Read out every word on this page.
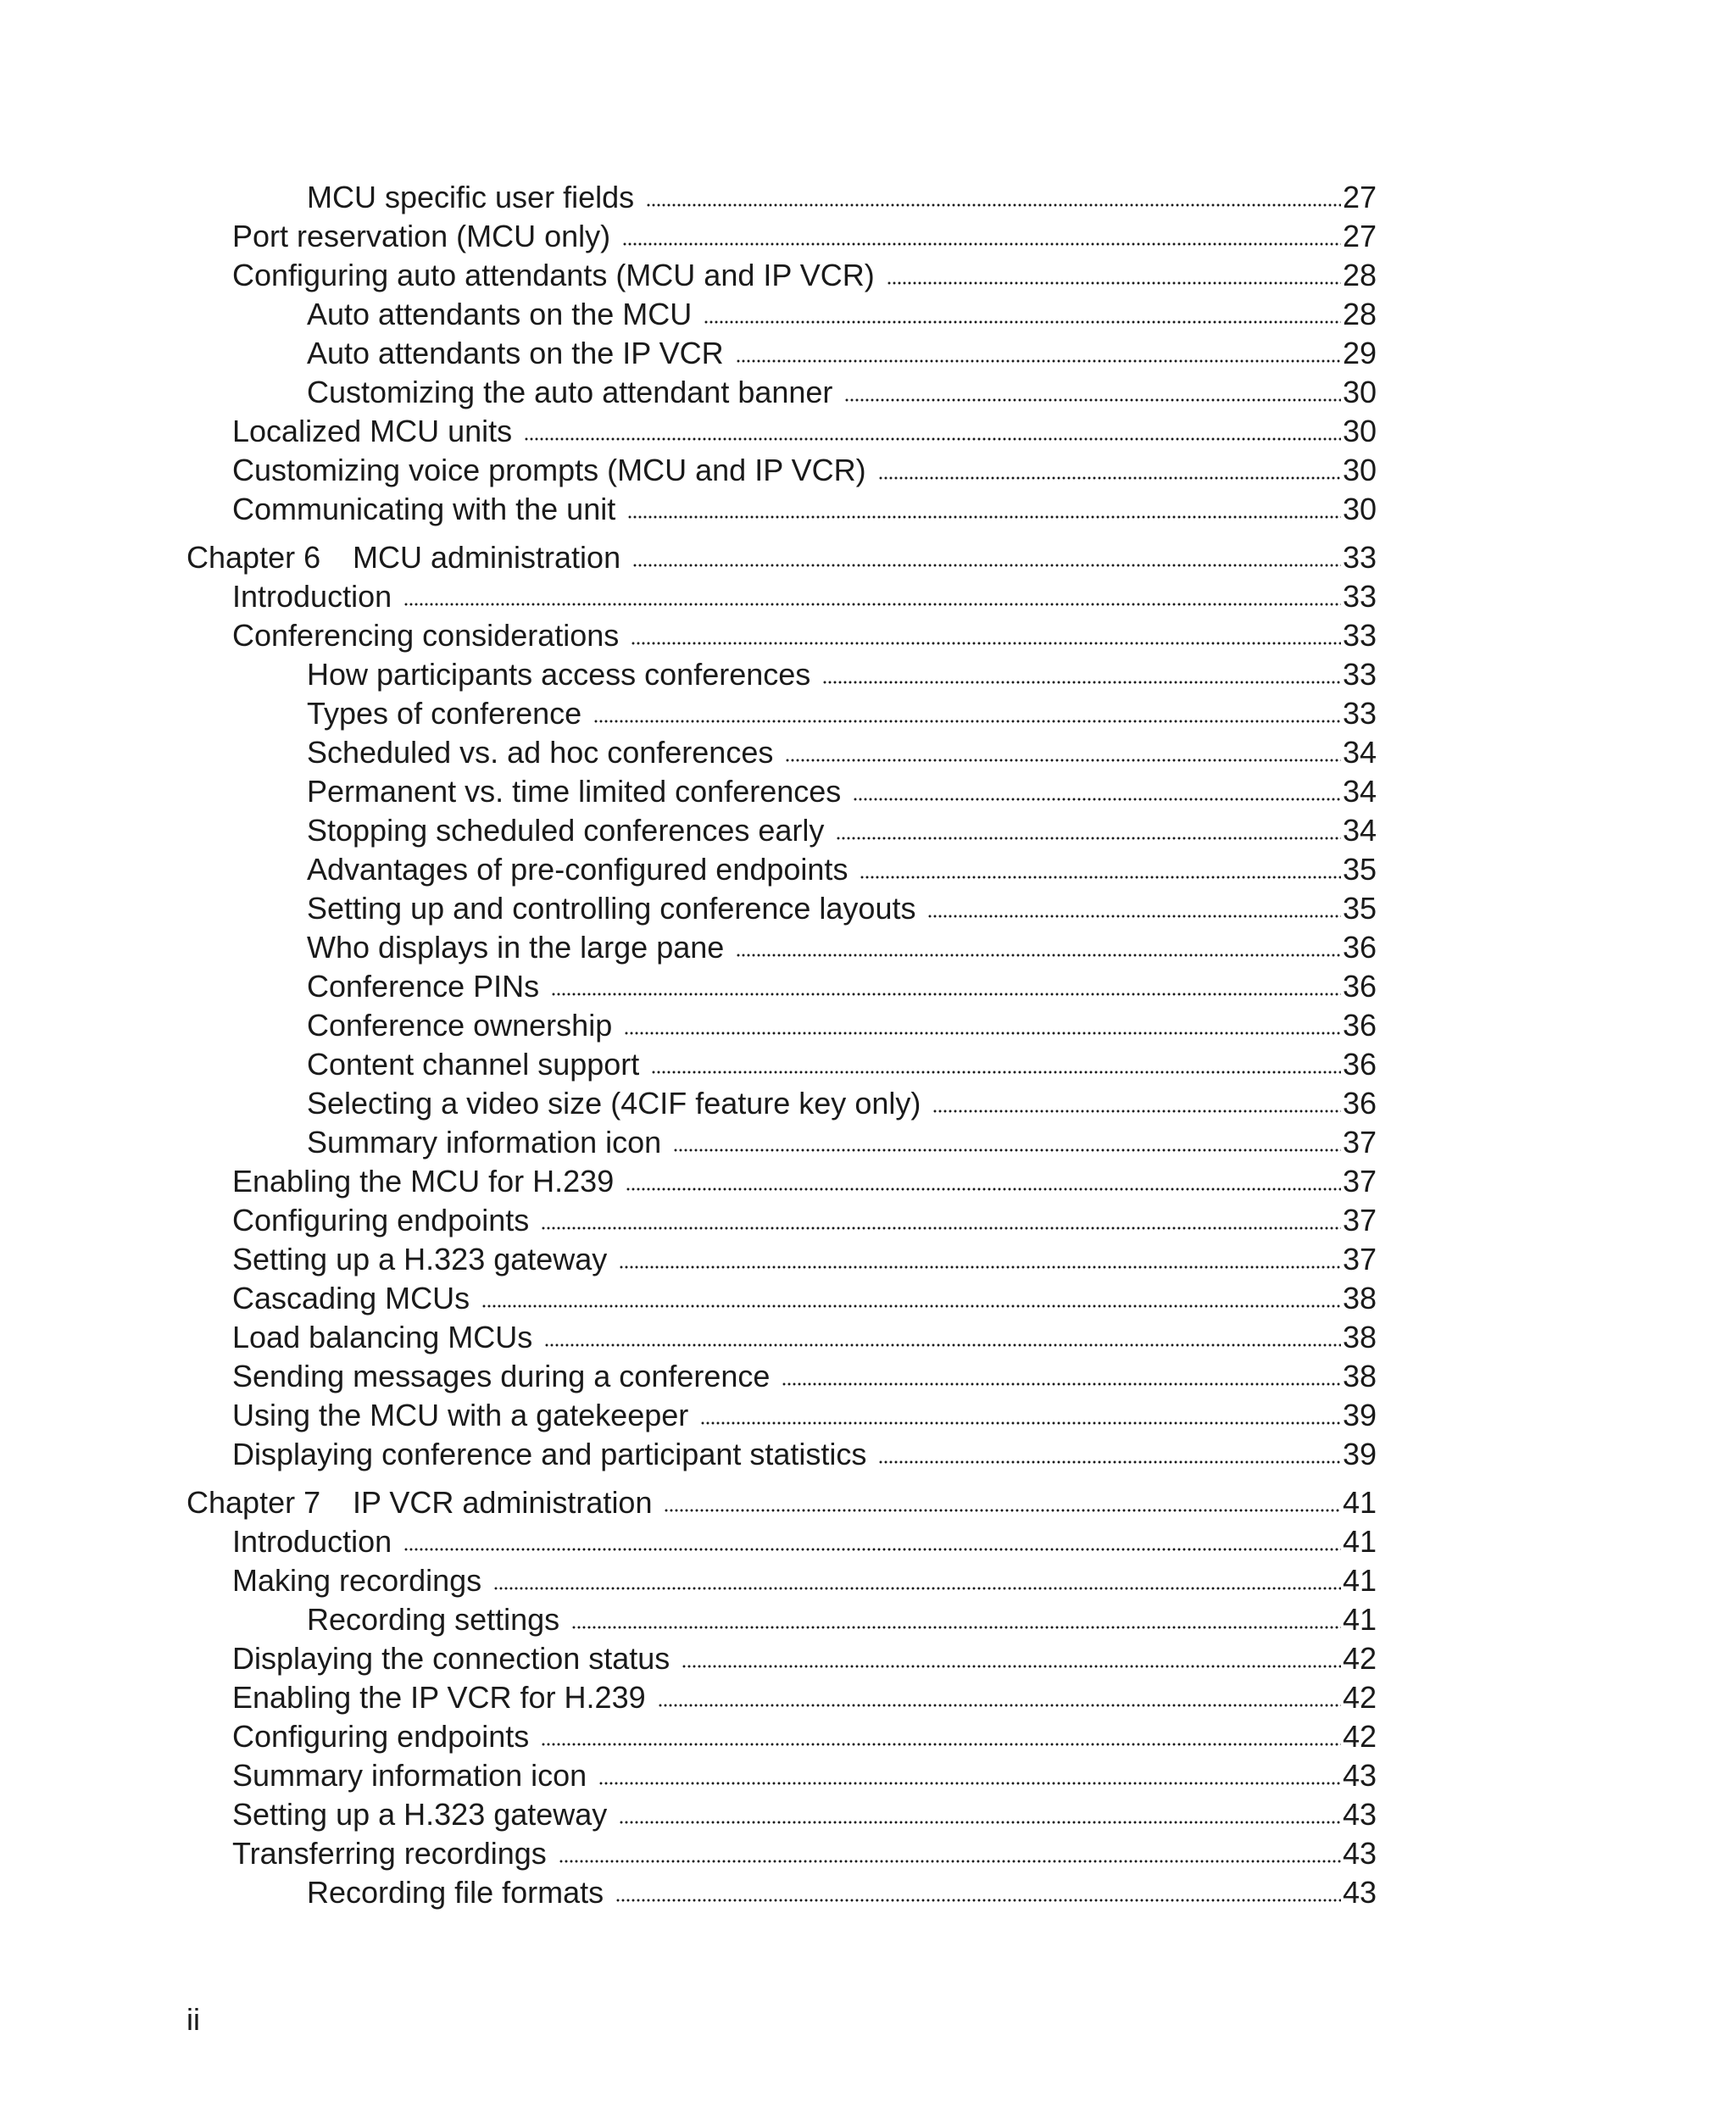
MCU specific user fields	27
Port reservation (MCU only)	27
Configuring auto attendants (MCU and IP VCR)	28
Auto attendants on the MCU	28
Auto attendants on the IP VCR	29
Customizing the auto attendant banner	30
Localized MCU units	30
Customizing voice prompts (MCU and IP VCR)	30
Communicating with the unit	30
Chapter 6	MCU administration	33
Introduction	33
Conferencing considerations	33
How participants access conferences	33
Types of conference	33
Scheduled vs. ad hoc conferences	34
Permanent vs. time limited conferences	34
Stopping scheduled conferences early	34
Advantages of pre-configured endpoints	35
Setting up and controlling conference layouts	35
Who displays in the large pane	36
Conference PINs	36
Conference ownership	36
Content channel support	36
Selecting a video size (4CIF feature key only)	36
Summary information icon	37
Enabling the MCU for H.239	37
Configuring endpoints	37
Setting up a H.323 gateway	37
Cascading MCUs	38
Load balancing MCUs	38
Sending messages during a conference	38
Using the MCU with a gatekeeper	39
Displaying conference and participant statistics	39
Chapter 7	IP VCR administration	41
Introduction	41
Making recordings	41
Recording settings	41
Displaying the connection status	42
Enabling the IP VCR for H.239	42
Configuring endpoints	42
Summary information icon	43
Setting up a H.323 gateway	43
Transferring recordings	43
Recording file formats	43
ii
